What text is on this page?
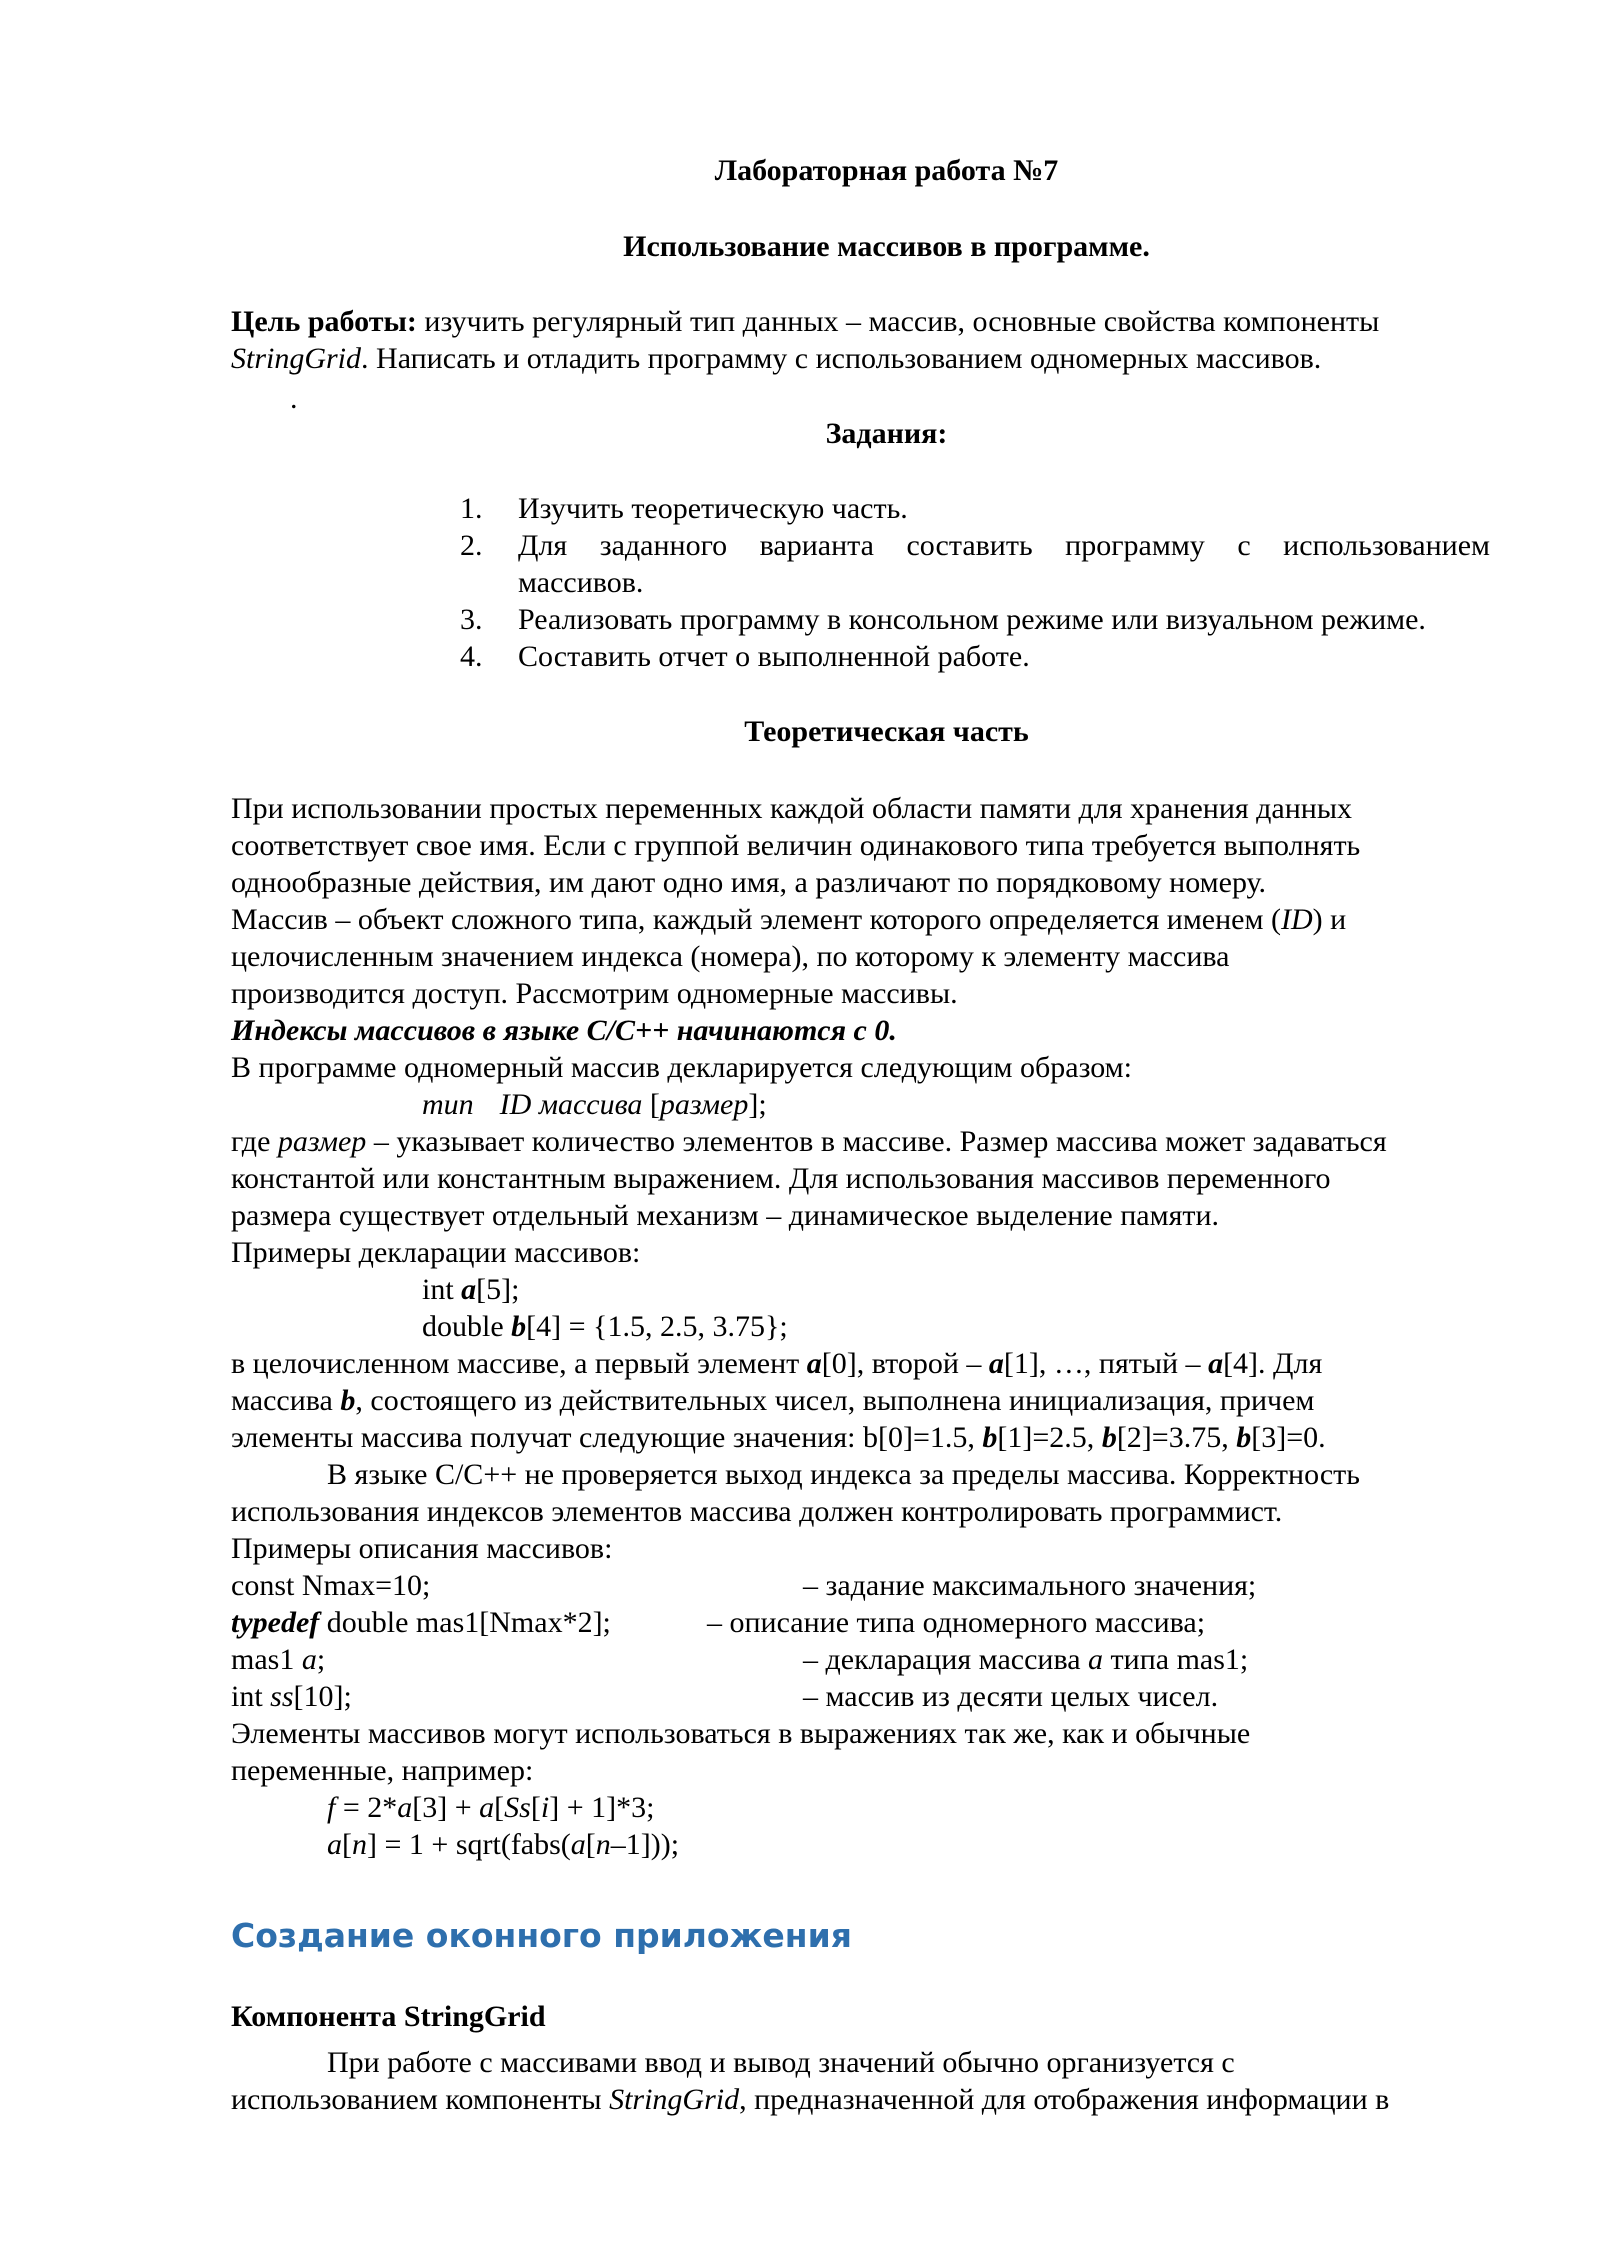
Лабораторная работа №7
Использование массивов в программе.
Цель работы: изучить регулярный тип данных – массив, основные свойства компоненты
StringGrid. Написать и отладить программу с использованием одномерных массивов.
.
Задания:
1. Изучить теоретическую часть.
2. Для заданного варианта составить программу с использованием
массивов.
3. Реализовать программу в консольном режиме или визуальном режиме.
4. Составить отчет о выполненной работе.
Теоретическая часть
При использовании простых переменных каждой области памяти для хранения данных
соответствует свое имя. Если с группой величин одинакового типа требуется выполнять
однообразные действия, им дают одно имя, а различают по порядковому номеру.
Массив – объект сложного типа, каждый элемент которого определяется именем (ID) и
целочисленным значением индекса (номера), по которому к элементу массива
производится доступ. Рассмотрим одномерные массивы.
Индексы массивов в языке С/С++ начинаются с 0.
В программе одномерный массив декларируется следующим образом:
тип ID массива [размер];
где размер – указывает количество элементов в массиве. Размер массива может задаваться
константой или константным выражением. Для использования массивов переменного
размера существует отдельный механизм – динамическое выделение памяти.
Примеры декларации массивов:
int a[5];
double b[4] = {1.5, 2.5, 3.75};
в целочисленном массиве, а первый элемент a[0], второй – a[1], …, пятый – a[4]. Для
массива b, состоящего из действительных чисел, выполнена инициализация, причем
элементы массива получат следующие значения: b[0]=1.5, b[1]=2.5, b[2]=3.75, b[3]=0.
В языке С/С++ не проверяется выход индекса за пределы массива. Корректность
использования индексов элементов массива должен контролировать программист.
Примеры описания массивов:
const Nmax=10;	– задание максимального значения;
typedef double mas1[Nmax*2];	– описание типа одномерного массива;
mas1 a;	– декларация массива a типа mas1;
int ss[10];	– массив из десяти целых чисел.
Элементы массивов могут использоваться в выражениях так же, как и обычные
переменные, например:
f = 2*a[3] + a[Ss[i] + 1]*3;
a[n] = 1 + sqrt(fabs(a[n–1]));
Создание оконного приложения
Компонента StringGrid
При работе с массивами ввод и вывод значений обычно организуется с
использованием компоненты StringGrid, предназначенной для отображения информации в
